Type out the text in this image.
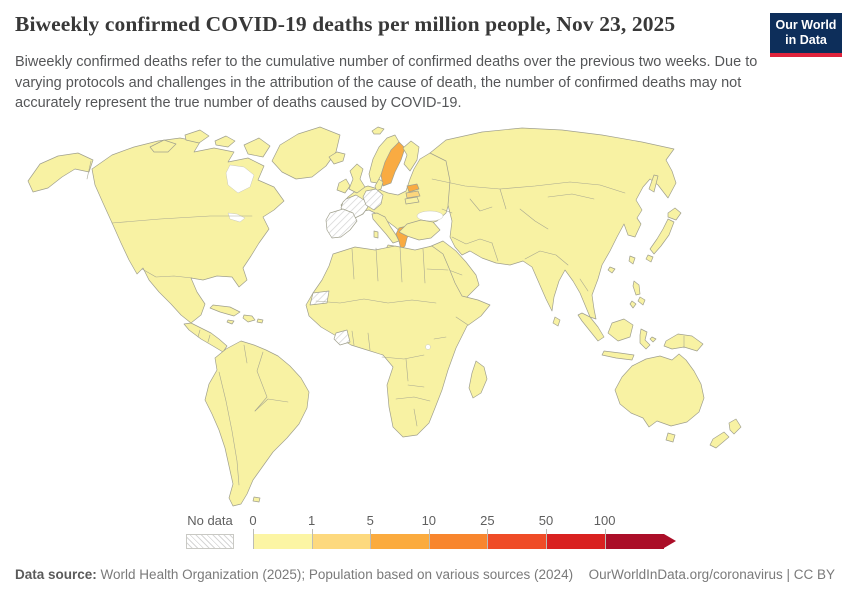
Biweekly confirmed COVID-19 deaths per million people, Nov 23, 2025

Biweekly confirmed deaths refer to the cumulative number of confirmed deaths over the previous two weeks. Due to varying protocols and challenges in the attribution of the cause of death, the number of confirmed deaths may not accurately represent the true number of deaths caused by COVID-19.

Our World
in Data
No data 0	1	5	10	25	50	100
Data source: World Health Organization (2025); Population based on various sources (2024) OurWorldInData.org/coronavirus | CC BY
